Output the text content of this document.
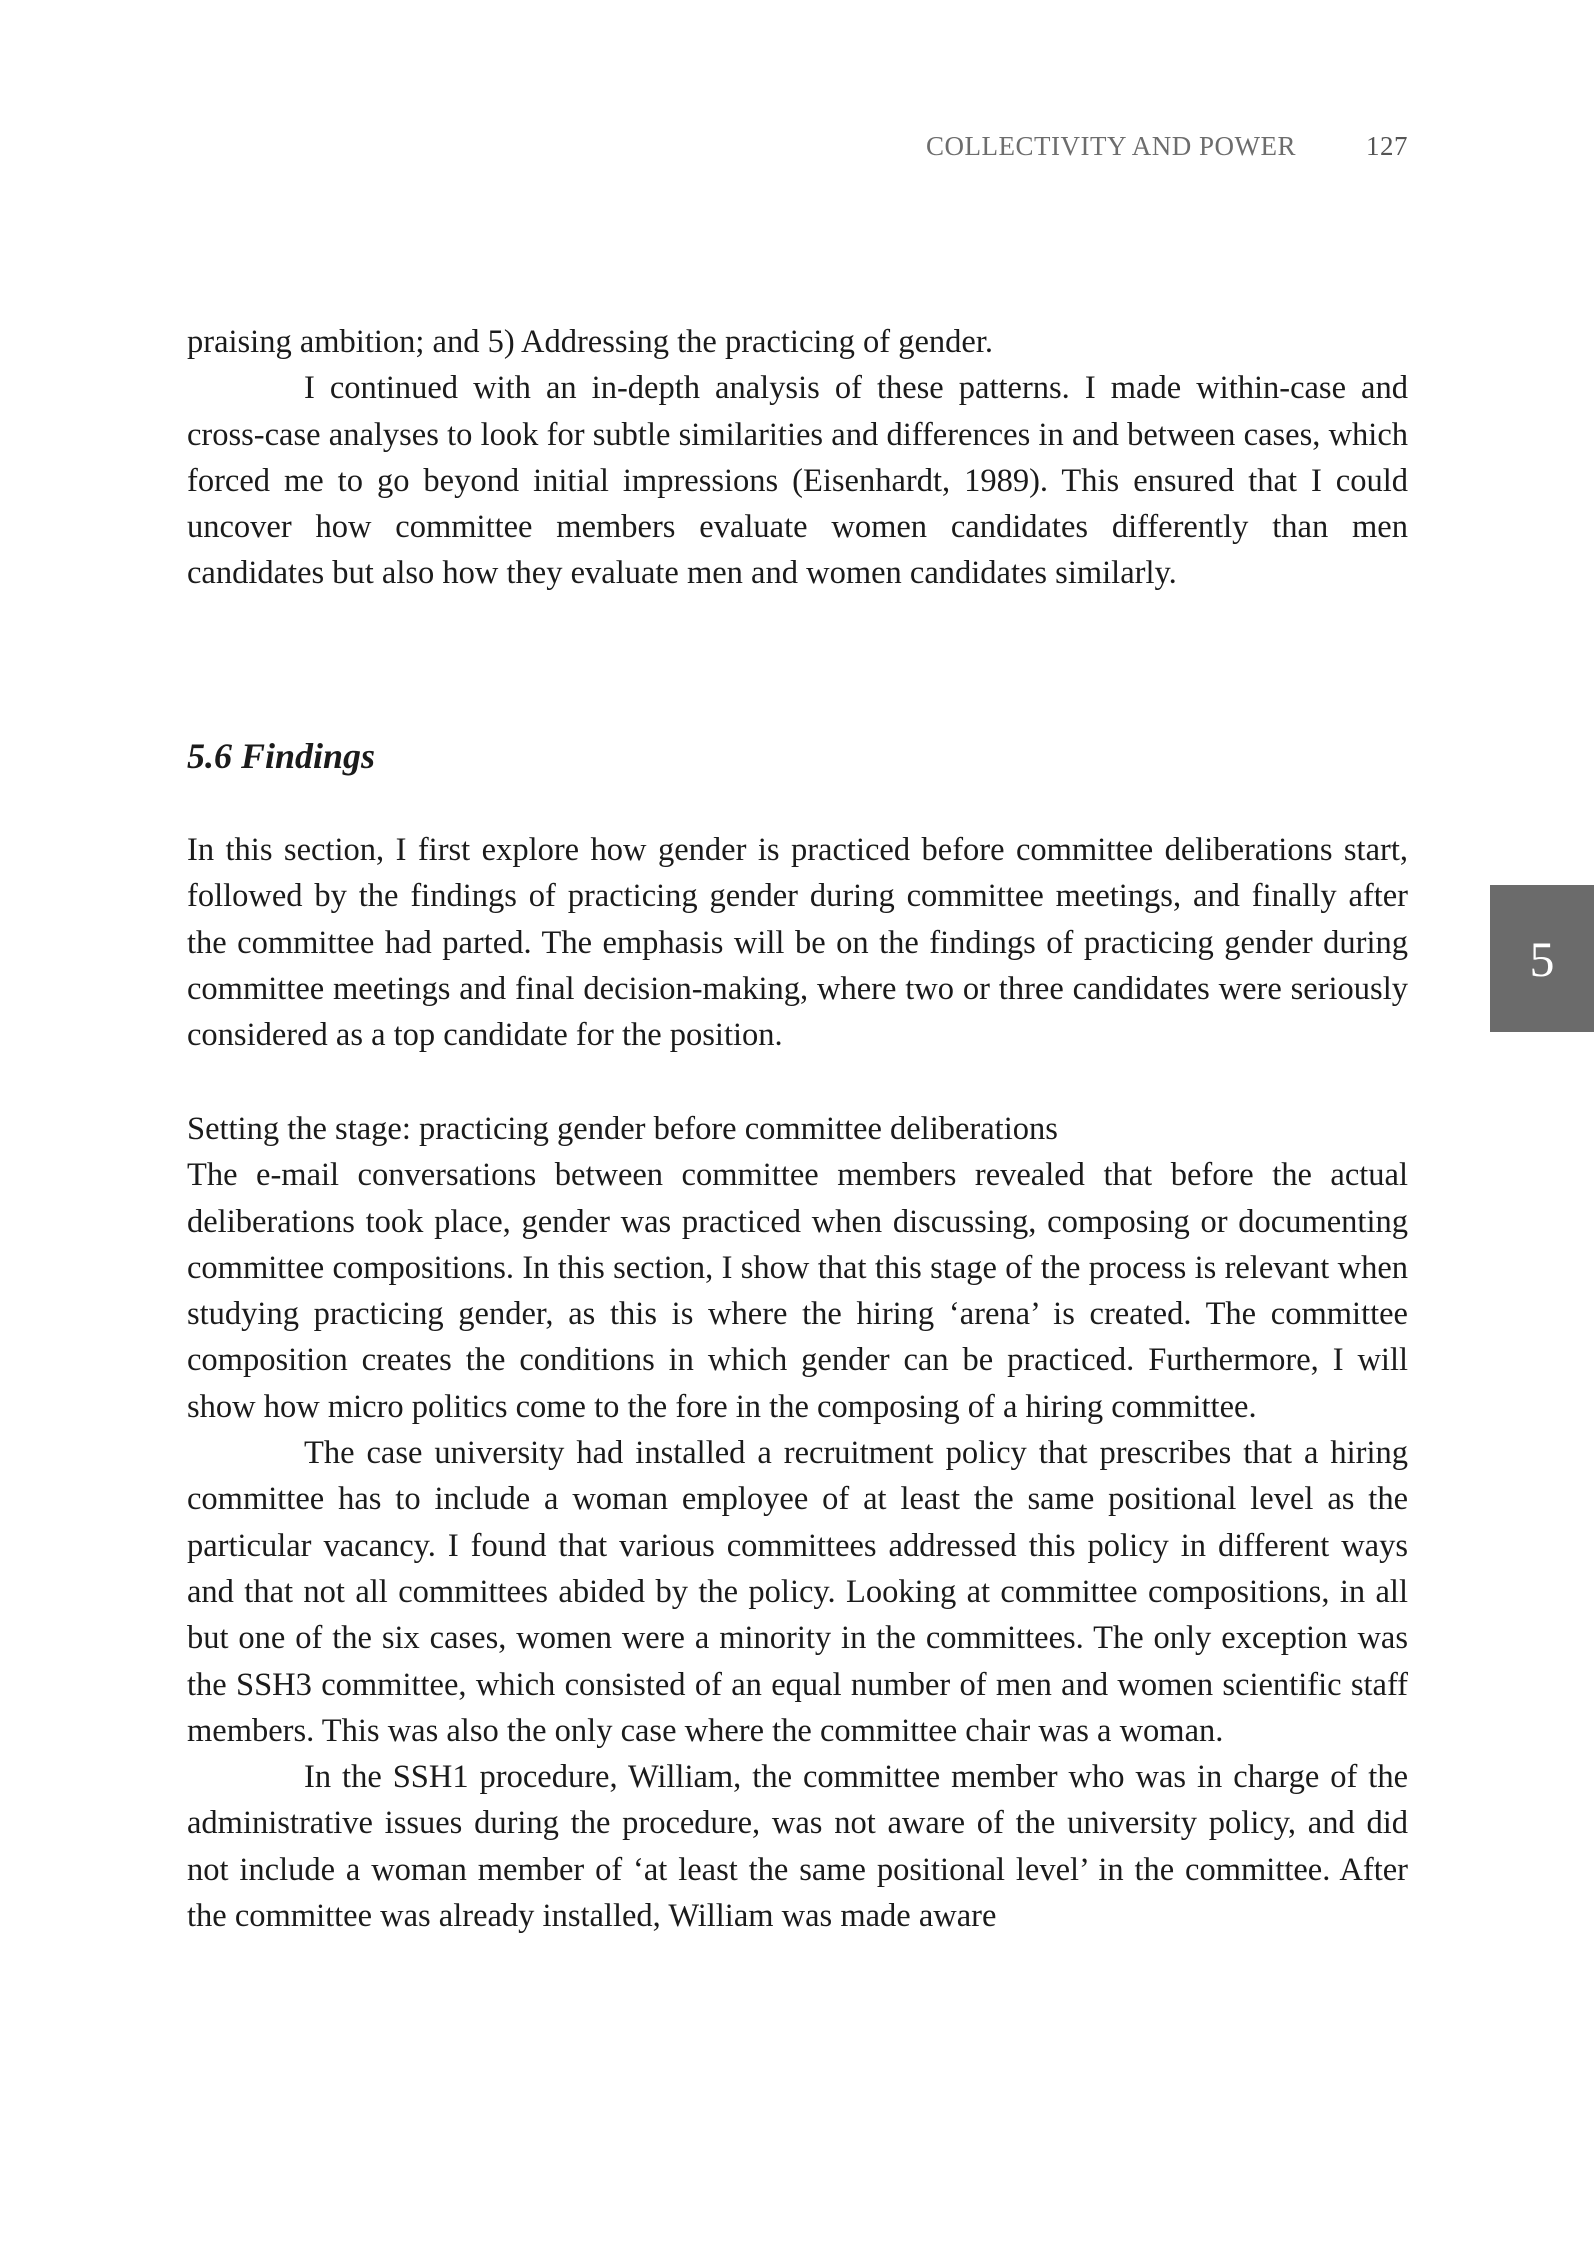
COLLECTIVITY AND POWER	127

praising ambition; and 5) Addressing the practicing of gender.

I continued with an in-depth analysis of these patterns. I made within-case and cross-case analyses to look for subtle similarities and differences in and between cases, which forced me to go beyond initial impressions (Eisenhardt, 1989). This ensured that I could uncover how committee members evaluate women candidates differently than men candidates but also how they evaluate men and women candidates similarly.

5.6 Findings

In this section, I first explore how gender is practiced before committee deliberations start, followed by the findings of practicing gender during committee meetings, and finally after the committee had parted. The emphasis will be on the findings of practicing gender during committee meetings and final decision-making, where two or three candidates were seriously considered as a top candidate for the position.

Setting the stage: practicing gender before committee deliberations

The e-mail conversations between committee members revealed that before the actual deliberations took place, gender was practiced when discussing, composing or documenting committee compositions. In this section, I show that this stage of the process is relevant when studying practicing gender, as this is where the hiring ‘arena’ is created. The committee composition creates the conditions in which gender can be practiced. Furthermore, I will show how micro politics come to the fore in the composing of a hiring committee.

The case university had installed a recruitment policy that prescribes that a hiring committee has to include a woman employee of at least the same positional level as the particular vacancy. I found that various committees addressed this policy in different ways and that not all committees abided by the policy. Looking at committee compositions, in all but one of the six cases, women were a minority in the committees. The only exception was the SSH3 committee, which consisted of an equal number of men and women scientific staff members. This was also the only case where the committee chair was a woman.

In the SSH1 procedure, William, the committee member who was in charge of the administrative issues during the procedure, was not aware of the university policy, and did not include a woman member of ‘at least the same positional level’ in the committee. After the committee was already installed, William was made aware

5
